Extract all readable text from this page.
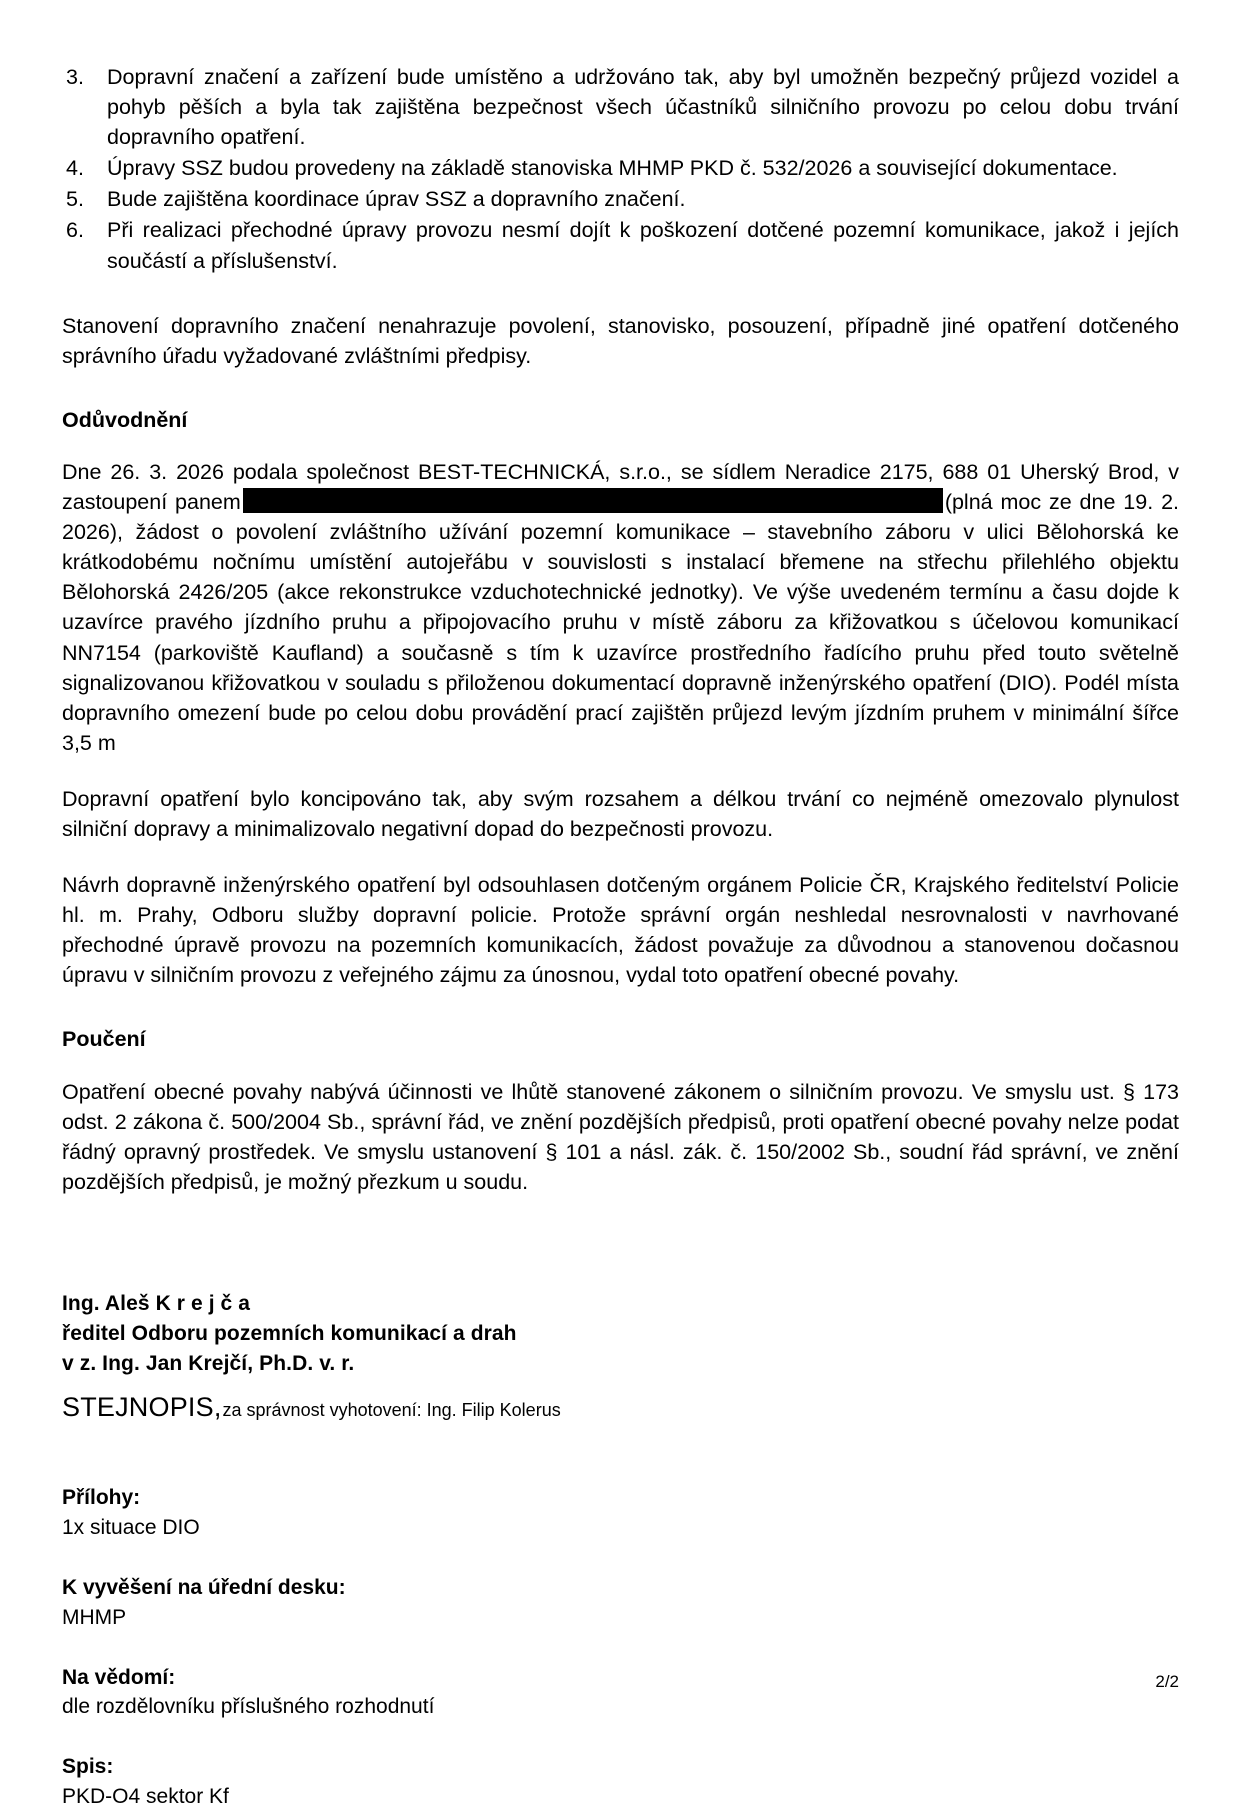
3.	Dopravní značení a zařízení bude umístěno a udržováno tak, aby byl umožněn bezpečný průjezd vozidel a pohyb pěších a byla tak zajištěna bezpečnost všech účastníků silničního provozu po celou dobu trvání dopravního opatření.
4.	Úpravy SSZ budou provedeny na základě stanoviska MHMP PKD č. 532/2026 a související dokumentace.
5.	Bude zajištěna koordinace úprav SSZ a dopravního značení.
6.	Při realizaci přechodné úpravy provozu nesmí dojít k poškození dotčené pozemní komunikace, jakož i jejích součástí a příslušenství.

Stanovení dopravního značení nenahrazuje povolení, stanovisko, posouzení, případně jiné opatření dotčeného správního úřadu vyžadované zvláštními předpisy.

Odůvodnění

Dne 26. 3. 2026 podala společnost BEST-TECHNICKÁ, s.r.o., se sídlem Neradice 2175, 688 01 Uherský Brod, v zastoupení panem	(plná moc ze dne 19. 2. 2026), žádost o povolení zvláštního užívání pozemní komunikace – stavebního záboru v ulici Bělohorská ke krátkodobému nočnímu umístění autojeřábu v souvislosti s instalací břemene na střechu přilehlého objektu Bělohorská 2426/205 (akce rekonstrukce vzduchotechnické jednotky). Ve výše uvedeném termínu a času dojde k uzavírce pravého jízdního pruhu a připojovacího pruhu v místě záboru za křižovatkou s účelovou komunikací NN7154 (parkoviště Kaufland) a současně s tím k uzavírce prostředního řadícího pruhu před touto světelně signalizovanou křižovatkou v souladu s přiloženou dokumentací dopravně inženýrského opatření (DIO). Podél místa dopravního omezení bude po celou dobu provádění prací zajištěn průjezd levým jízdním pruhem v minimální šířce 3,5 m

Dopravní opatření bylo koncipováno tak, aby svým rozsahem a délkou trvání co nejméně omezovalo plynulost silniční dopravy a minimalizovalo negativní dopad do bezpečnosti provozu.

Návrh dopravně inženýrského opatření byl odsouhlasen dotčeným orgánem Policie ČR, Krajského ředitelství Policie hl. m. Prahy, Odboru služby dopravní policie. Protože správní orgán neshledal nesrovnalosti v navrhované přechodné úpravě provozu na pozemních komunikacích, žádost považuje za důvodnou a stanovenou dočasnou úpravu v silničním provozu z veřejného zájmu za únosnou, vydal toto opatření obecné povahy.

Poučení

Opatření obecné povahy nabývá účinnosti ve lhůtě stanovené zákonem o silničním provozu. Ve smyslu ust. § 173 odst. 2 zákona č. 500/2004 Sb., správní řád, ve znění pozdějších předpisů, proti opatření obecné povahy nelze podat řádný opravný prostředek. Ve smyslu ustanovení § 101 a násl. zák. č. 150/2002 Sb., soudní řád správní, ve znění pozdějších předpisů, je možný přezkum u soudu.

Ing. Aleš K r e j č a

ředitel Odboru pozemních komunikací a drah

v z. Ing. Jan Krejčí, Ph.D. v. r.

STEJNOPIS, za správnost vyhotovení: Ing. Filip Kolerus

Přílohy:

1x situace DIO

K vyvěšení na úřední desku:

MHMP

Na vědomí:

dle rozdělovníku příslušného rozhodnutí

Spis:

PKD-O4 sektor Kf

2/2
